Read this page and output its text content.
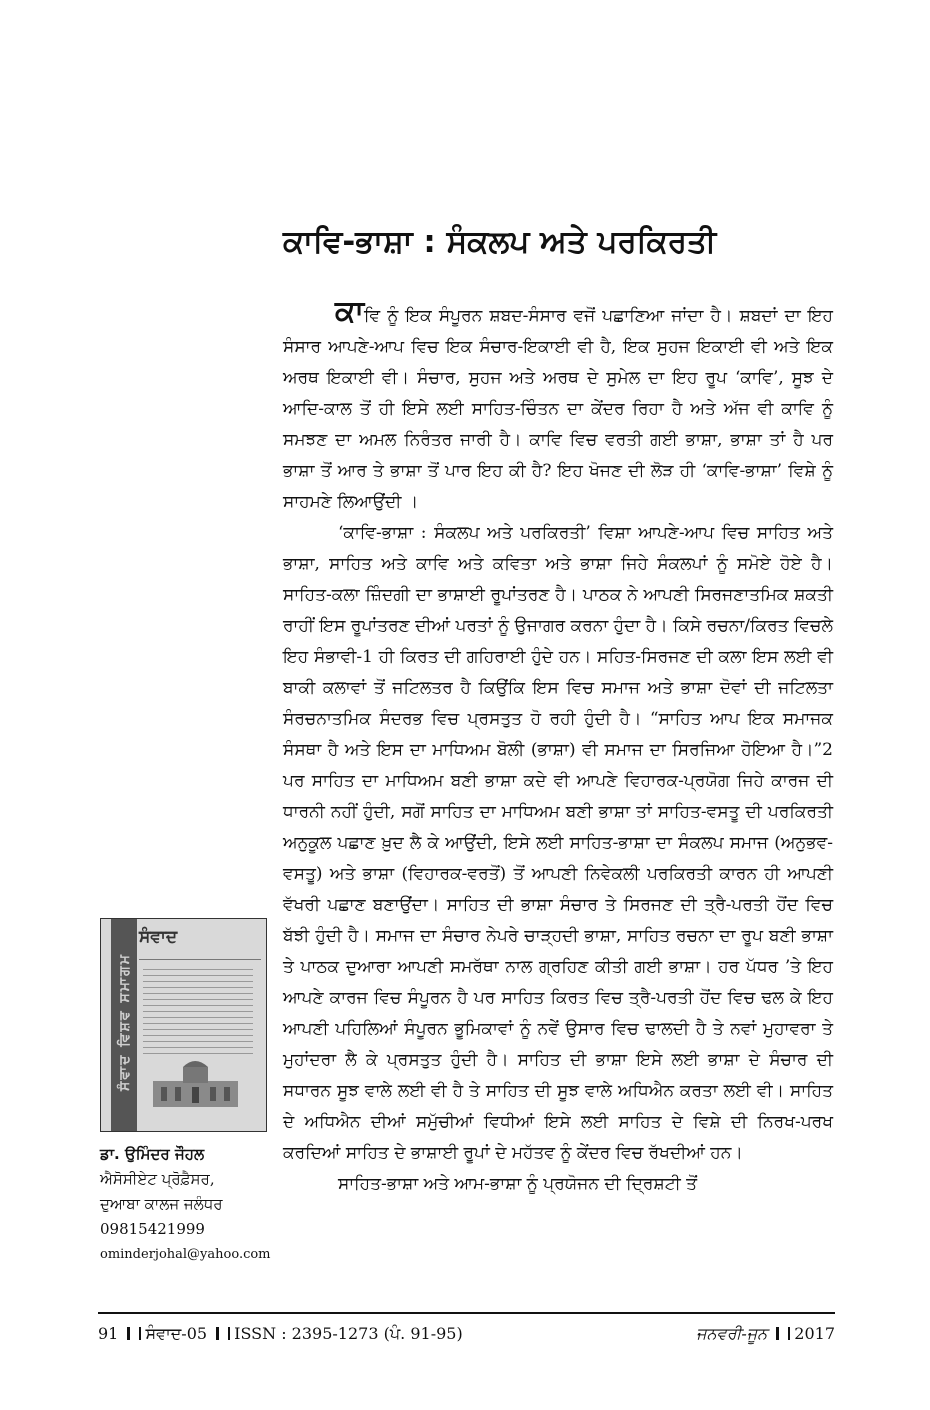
ਕਾਵਿ-ਭਾਸ਼ਾ : ਸੰਕਲਪ ਅਤੇ ਪਰਕਿਰਤੀ

ਕਾਵਿ ਨੂੰ ਇਕ ਸੰਪੂਰਨ ਸ਼ਬਦ-ਸੰਸਾਰ ਵਜੋਂ ਪਛਾਣਿਆ ਜਾਂਦਾ ਹੈ। ਸ਼ਬਦਾਂ ਦਾ ਇਹ ਸੰਸਾਰ ਆਪਣੇ-ਆਪ ਵਿਚ ਇਕ ਸੰਚਾਰ-ਇਕਾਈ ਵੀ ਹੈ, ਇਕ ਸੁਹਜ ਇਕਾਈ ਵੀ ਅਤੇ ਇਕ ਅਰਥ ਇਕਾਈ ਵੀ। ਸੰਚਾਰ, ਸੁਹਜ ਅਤੇ ਅਰਥ ਦੇ ਸੁਮੇਲ ਦਾ ਇਹ ਰੂਪ ‘ਕਾਵਿ’, ਸੂਝ ਦੇ ਆਦਿ-ਕਾਲ ਤੋਂ ਹੀ ਇਸੇ ਲਈ ਸਾਹਿਤ-ਚਿੰਤਨ ਦਾ ਕੇਂਦਰ ਰਿਹਾ ਹੈ ਅਤੇ ਅੱਜ ਵੀ ਕਾਵਿ ਨੂੰ ਸਮਝਣ ਦਾ ਅਮਲ ਨਿਰੰਤਰ ਜਾਰੀ ਹੈ। ਕਾਵਿ ਵਿਚ ਵਰਤੀ ਗਈ ਭਾਸ਼ਾ, ਭਾਸ਼ਾ ਤਾਂ ਹੈ ਪਰ ਭਾਸ਼ਾ ਤੋਂ ਆਰ ਤੇ ਭਾਸ਼ਾ ਤੋਂ ਪਾਰ ਇਹ ਕੀ ਹੈ? ਇਹ ਖੋਜਣ ਦੀ ਲੋੜ ਹੀ ‘ਕਾਵਿ-ਭਾਸ਼ਾ’ ਵਿਸ਼ੇ ਨੂੰ ਸਾਹਮਣੇ ਲਿਆਉਂਦੀ ।

‘ਕਾਵਿ-ਭਾਸ਼ਾ : ਸੰਕਲਪ ਅਤੇ ਪਰਕਿਰਤੀ’ ਵਿਸ਼ਾ ਆਪਣੇ-ਆਪ ਵਿਚ ਸਾਹਿਤ ਅਤੇ ਭਾਸ਼ਾ, ਸਾਹਿਤ ਅਤੇ ਕਾਵਿ ਅਤੇ ਕਵਿਤਾ ਅਤੇ ਭਾਸ਼ਾ ਜਿਹੇ ਸੰਕਲਪਾਂ ਨੂੰ ਸਮੋਏ ਹੋਏ ਹੈ। ਸਾਹਿਤ-ਕਲਾ ਜ਼ਿੰਦਗੀ ਦਾ ਭਾਸ਼ਾਈ ਰੂਪਾਂਤਰਣ ਹੈ। ਪਾਠਕ ਨੇ ਆਪਣੀ ਸਿਰਜਣਾਤਮਿਕ ਸ਼ਕਤੀ ਰਾਹੀਂ ਇਸ ਰੂਪਾਂਤਰਣ ਦੀਆਂ ਪਰਤਾਂ ਨੂੰ ਉਜਾਗਰ ਕਰਨਾ ਹੁੰਦਾ ਹੈ। ਕਿਸੇ ਰਚਨਾ/ਕਿਰਤ ਵਿਚਲੇ ਇਹ ਸੰਭਾਵੀ-1 ਹੀ ਕਿਰਤ ਦੀ ਗਹਿਰਾਈ ਹੁੰਦੇ ਹਨ। ਸਹਿਤ-ਸਿਰਜਣ ਦੀ ਕਲਾ ਇਸ ਲਈ ਵੀ ਬਾਕੀ ਕਲਾਵਾਂ ਤੋਂ ਜਟਿਲਤਰ ਹੈ ਕਿਉਂਕਿ ਇਸ ਵਿਚ ਸਮਾਜ ਅਤੇ ਭਾਸ਼ਾ ਦੋਵਾਂ ਦੀ ਜਟਿਲਤਾ ਸੰਰਚਨਾਤਮਿਕ ਸੰਦਰਭ ਵਿਚ ਪ੍ਰਸਤੁਤ ਹੋ ਰਹੀ ਹੁੰਦੀ ਹੈ। “ਸਾਹਿਤ ਆਪ ਇਕ ਸਮਾਜਕ ਸੰਸਥਾ ਹੈ ਅਤੇ ਇਸ ਦਾ ਮਾਧਿਅਮ ਬੋਲੀ (ਭਾਸ਼ਾ) ਵੀ ਸਮਾਜ ਦਾ ਸਿਰਜਿਆ ਹੋਇਆ ਹੈ।”2 ਪਰ ਸਾਹਿਤ ਦਾ ਮਾਧਿਅਮ ਬਣੀ ਭਾਸ਼ਾ ਕਦੇ ਵੀ ਆਪਣੇ ਵਿਹਾਰਕ-ਪ੍ਰਯੋਗ ਜਿਹੇ ਕਾਰਜ ਦੀ ਧਾਰਨੀ ਨਹੀਂ ਹੁੰਦੀ, ਸਗੋਂ ਸਾਹਿਤ ਦਾ ਮਾਧਿਅਮ ਬਣੀ ਭਾਸ਼ਾ ਤਾਂ ਸਾਹਿਤ-ਵਸਤੂ ਦੀ ਪਰਕਿਰਤੀ ਅਨੁਕੂਲ ਪਛਾਣ ਖ਼ੁਦ ਲੈ ਕੇ ਆਉਂਦੀ, ਇਸੇ ਲਈ ਸਾਹਿਤ-ਭਾਸ਼ਾ ਦਾ ਸੰਕਲਪ ਸਮਾਜ (ਅਨੁਭਵ-ਵਸਤੂ) ਅਤੇ ਭਾਸ਼ਾ (ਵਿਹਾਰਕ-ਵਰਤੋਂ) ਤੋਂ ਆਪਣੀ ਨਿਵੇਕਲੀ ਪਰਕਿਰਤੀ ਕਾਰਨ ਹੀ ਆਪਣੀ ਵੱਖਰੀ ਪਛਾਣ ਬਣਾਉਂਦਾ। ਸਾਹਿਤ ਦੀ ਭਾਸ਼ਾ ਸੰਚਾਰ ਤੇ ਸਿਰਜਣ ਦੀ ਤ੍ਰੈ-ਪਰਤੀ ਹੋਂਦ ਵਿਚ ਬੱਝੀ ਹੁੰਦੀ ਹੈ। ਸਮਾਜ ਦਾ ਸੰਚਾਰ ਨੇਪਰੇ ਚਾੜ੍ਹਦੀ ਭਾਸ਼ਾ, ਸਾਹਿਤ ਰਚਨਾ ਦਾ ਰੂਪ ਬਣੀ ਭਾਸ਼ਾ ਤੇ ਪਾਠਕ ਦੁਆਰਾ ਆਪਣੀ ਸਮਰੱਥਾ ਨਾਲ ਗ੍ਰਹਿਣ ਕੀਤੀ ਗਈ ਭਾਸ਼ਾ। ਹਰ ਪੱਧਰ ’ਤੇ ਇਹ ਆਪਣੇ ਕਾਰਜ ਵਿਚ ਸੰਪੂਰਨ ਹੈ ਪਰ ਸਾਹਿਤ ਕਿਰਤ ਵਿਚ ਤ੍ਰੈ-ਪਰਤੀ ਹੋਂਦ ਵਿਚ ਢਲ ਕੇ ਇਹ ਆਪਣੀ ਪਹਿਲਿਆਂ ਸੰਪੂਰਨ ਭੂਮਿਕਾਵਾਂ ਨੂੰ ਨਵੇਂ ਉਸਾਰ ਵਿਚ ਢਾਲਦੀ ਹੈ ਤੇ ਨਵਾਂ ਮੁਹਾਵਰਾ ਤੇ ਮੁਹਾਂਦਰਾ ਲੈ ਕੇ ਪ੍ਰਸਤੁਤ ਹੁੰਦੀ ਹੈ। ਸਾਹਿਤ ਦੀ ਭਾਸ਼ਾ ਇਸੇ ਲਈ ਭਾਸ਼ਾ ਦੇ ਸੰਚਾਰ ਦੀ ਸਧਾਰਨ ਸੂਝ ਵਾਲੇ ਲਈ ਵੀ ਹੈ ਤੇ ਸਾਹਿਤ ਦੀ ਸੂਝ ਵਾਲੇ ਅਧਿਐਨ ਕਰਤਾ ਲਈ ਵੀ। ਸਾਹਿਤ ਦੇ ਅਧਿਐਨ ਦੀਆਂ ਸਮੁੱਚੀਆਂ ਵਿਧੀਆਂ ਇਸੇ ਲਈ ਸਾਹਿਤ ਦੇ ਵਿਸ਼ੇ ਦੀ ਨਿਰਖ-ਪਰਖ ਕਰਦਿਆਂ ਸਾਹਿਤ ਦੇ ਭਾਸ਼ਾਈ ਰੂਪਾਂ ਦੇ ਮਹੱਤਵ ਨੂੰ ਕੇਂਦਰ ਵਿਚ ਰੱਖਦੀਆਂ ਹਨ।

ਸਾਹਿਤ-ਭਾਸ਼ਾ ਅਤੇ ਆਮ-ਭਾਸ਼ਾ ਨੂੰ ਪ੍ਰਯੋਜਨ ਦੀ ਦ੍ਰਿਸ਼ਟੀ ਤੋਂ

ਸੰਵਾਦ ਵਿਸ਼ਵ ਸਮਾਗਮ
ਸੰਵਾਦ
ਡਾ. ਉਮਿੰਦਰ ਜੌਹਲ
ਐਸੋਸੀਏਟ ਪ੍ਰੋਫ਼ੈਸਰ,
ਦੁਆਬਾ ਕਾਲਜ ਜਲੰਧਰ
09815421999
ominderjohal@yahoo.com
91 ਸੰਵਾਦ-05 ISSN : 2395-1273 (ਪੰ. 91-95)	ਜਨਵਰੀ-ਜੂਨ 2017
